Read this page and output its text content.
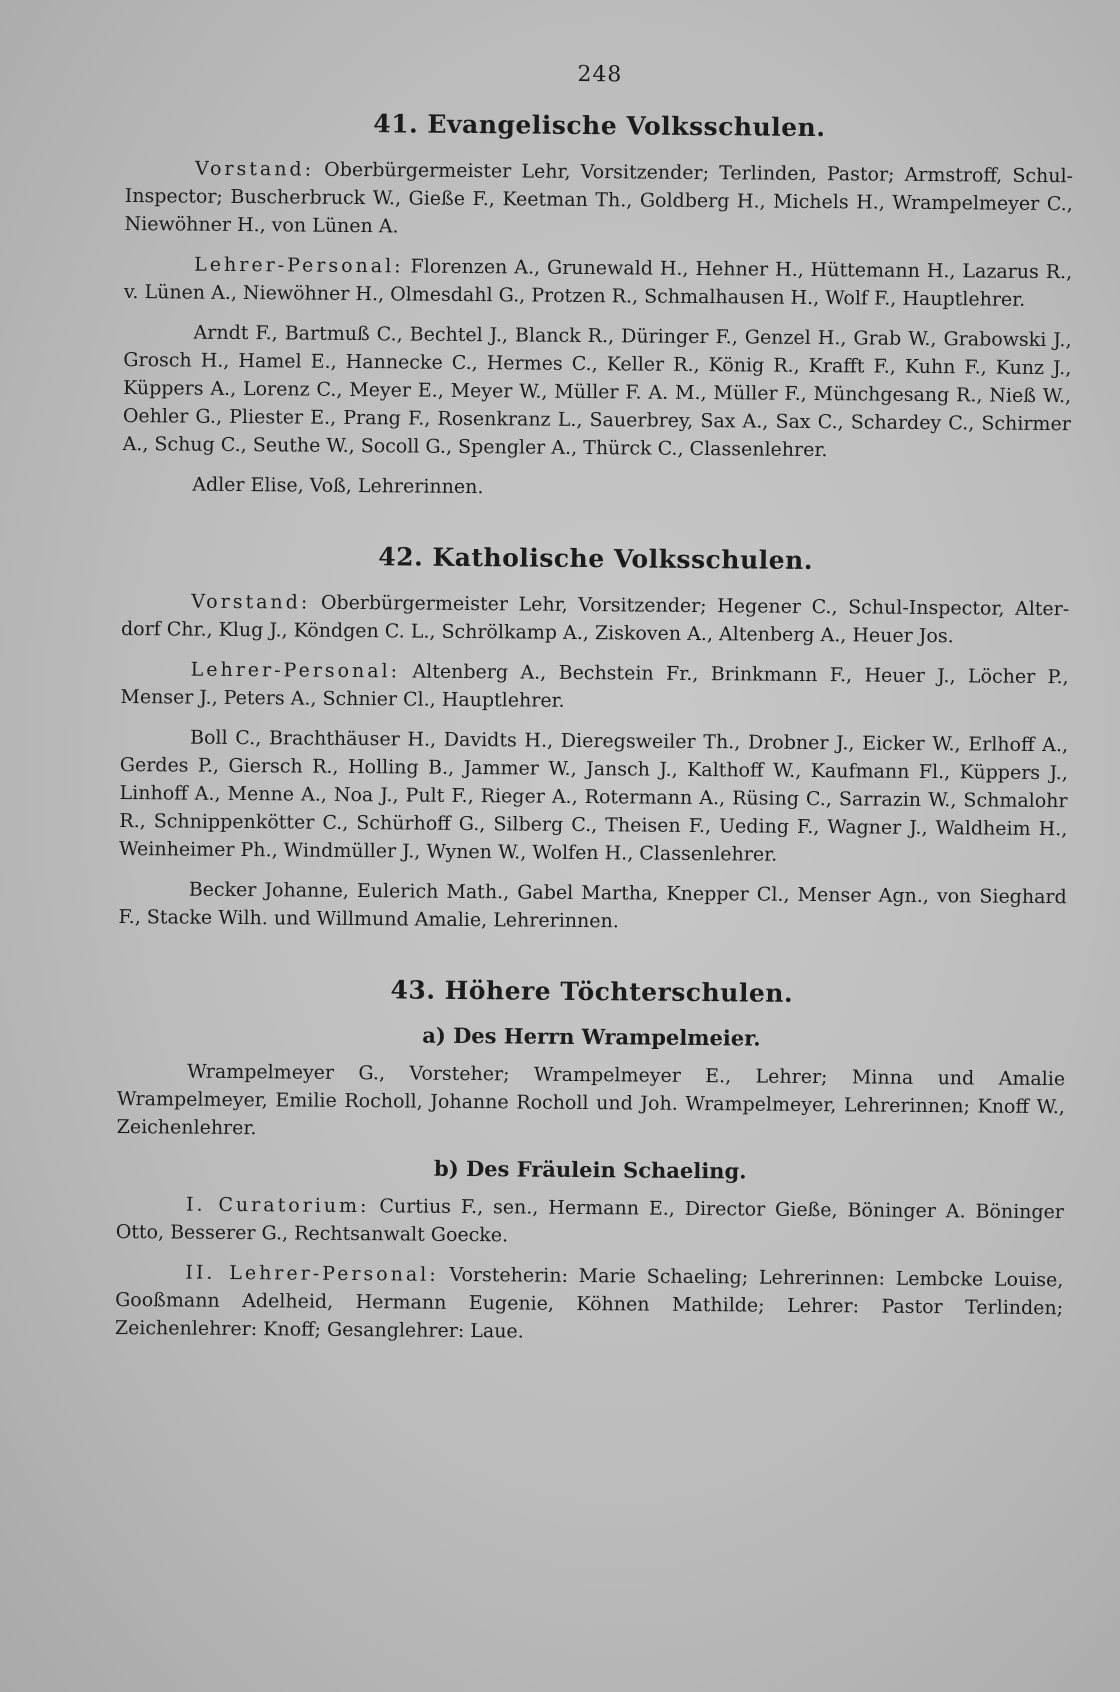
248
41. Evangelische Volksschulen.

Vorstand: Oberbürgermeister Lehr, Vorsitzender; Terlinden, Pastor; Armstroff, Schul-Inspector; Buscherbruck W., Gieße F., Keetman Th., Goldberg H., Michels H., Wrampelmeyer C., Niewöhner H., von Lünen A.

Lehrer-Personal: Florenzen A., Grunewald H., Hehner H., Hüttemann H., Lazarus R., v. Lünen A., Niewöhner H., Olmesdahl G., Protzen R., Schmalhausen H., Wolf F., Hauptlehrer.

Arndt F., Bartmuß C., Bechtel J., Blanck R., Düringer F., Genzel H., Grab W., Grabowski J., Grosch H., Hamel E., Hannecke C., Hermes C., Keller R., König R., Krafft F., Kuhn F., Kunz J., Küppers A., Lorenz C., Meyer E., Meyer W., Müller F. A. M., Müller F., Münchgesang R., Nieß W., Oehler G., Pliester E., Prang F., Rosenkranz L., Sauerbrey, Sax A., Sax C., Schardey C., Schirmer A., Schug C., Seuthe W., Socoll G., Spengler A., Thürck C., Classenlehrer.

Adler Elise, Voß, Lehrerinnen.

42. Katholische Volksschulen.

Vorstand: Oberbürgermeister Lehr, Vorsitzender; Hegener C., Schul-Inspector, Alter-dorf Chr., Klug J., Köndgen C. L., Schrölkamp A., Ziskoven A., Altenberg A., Heuer Jos.

Lehrer-Personal: Altenberg A., Bechstein Fr., Brinkmann F., Heuer J., Löcher P., Menser J., Peters A., Schnier Cl., Hauptlehrer.

Boll C., Brachthäuser H., Davidts H., Dieregsweiler Th., Drobner J., Eicker W., Erlhoff A., Gerdes P., Giersch R., Holling B., Jammer W., Jansch J., Kalthoff W., Kaufmann Fl., Küppers J., Linhoff A., Menne A., Noa J., Pult F., Rieger A., Rotermann A., Rüsing C., Sarrazin W., Schmalohr R., Schnippenkötter C., Schürhoff G., Silberg C., Theisen F., Ueding F., Wagner J., Waldheim H., Weinheimer Ph., Windmüller J., Wynen W., Wolfen H., Classenlehrer.

Becker Johanne, Eulerich Math., Gabel Martha, Knepper Cl., Menser Agn., von Sieghard F., Stacke Wilh. und Willmund Amalie, Lehrerinnen.

43. Höhere Töchterschulen.
a) Des Herrn Wrampelmeier.

Wrampelmeyer G., Vorsteher; Wrampelmeyer E., Lehrer; Minna und Amalie Wrampelmeyer, Emilie Rocholl, Johanne Rocholl und Joh. Wrampelmeyer, Lehrerinnen; Knoff W., Zeichenlehrer.

b) Des Fräulein Schaeling.

I. Curatorium: Curtius F., sen., Hermann E., Director Gieße, Böninger A. Böninger Otto, Besserer G., Rechtsanwalt Goecke.

II. Lehrer-Personal: Vorsteherin: Marie Schaeling; Lehrerinnen: Lembcke Louise, Gooßmann Adelheid, Hermann Eugenie, Köhnen Mathilde; Lehrer: Pastor Terlinden; Zeichenlehrer: Knoff; Gesanglehrer: Laue.
